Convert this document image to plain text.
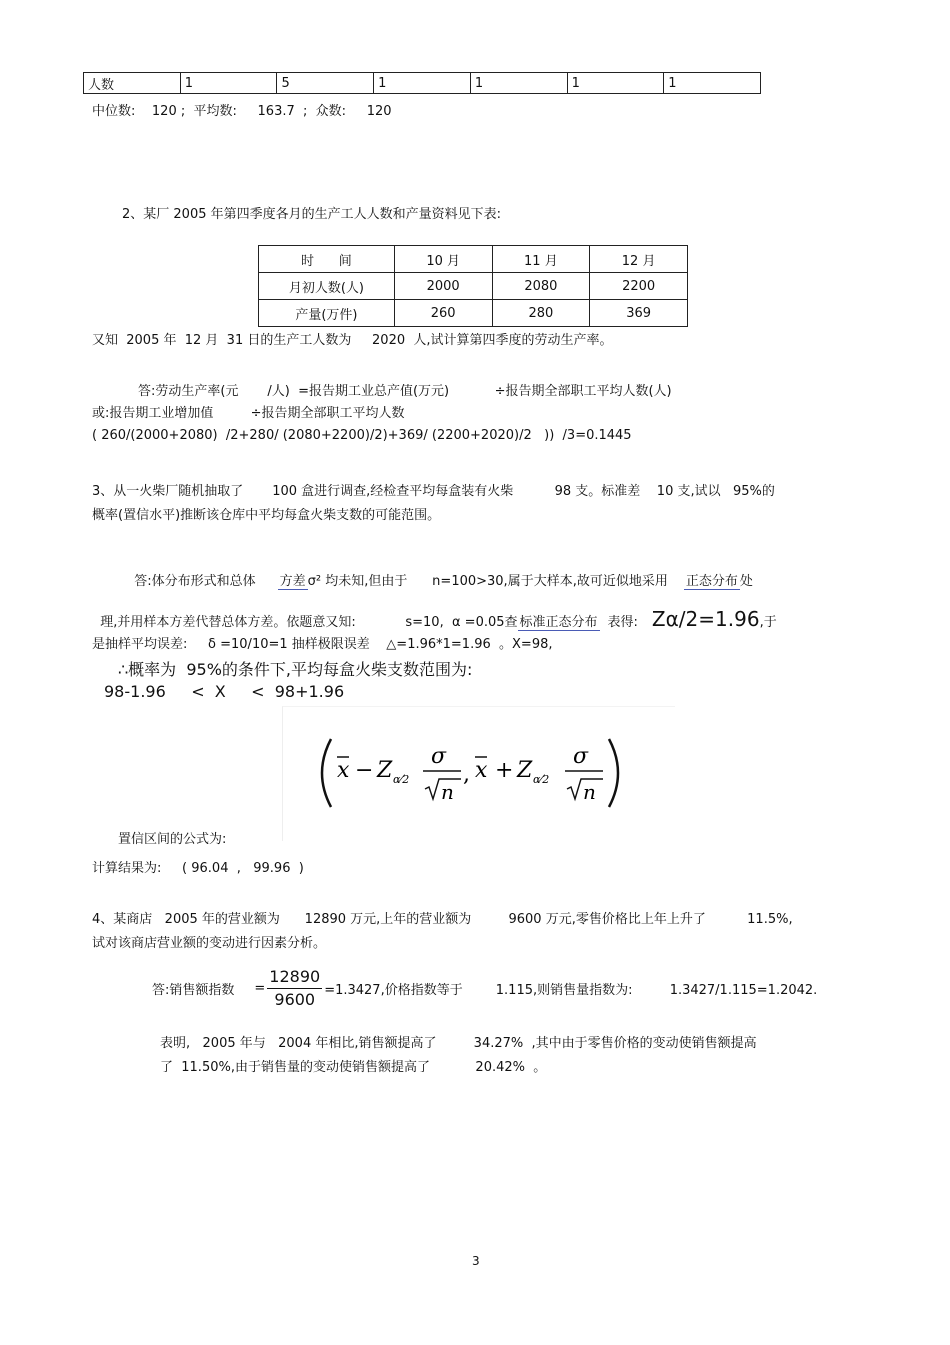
人数	1	5	1	1	1	1
中位数:    120 ;  平均数:     163.7  ;  众数:     120
2、某厂 2005 年第四季度各月的生产工人人数和产量资料见下表:
时      间	10 月	11 月	12 月
月初人数(人)	2000	2080	2200
产量(万件)	260	280	369
又知  2005 年  12 月  31 日的生产工人数为     2020  人,试计算第四季度的劳动生产率。
答:劳动生产率(元       /人)  =报告期工业总产值(万元)           ÷报告期全部职工平均人数(人)
或:报告期工业增加值         ÷报告期全部职工平均人数
( 260/(2000+2080)  /2+280/ (2080+2200)/2)+369/ (2200+2020)/2   ))  /3=0.1445
3、从一火柴厂随机抽取了       100 盒进行调查,经检查平均每盒装有火柴          98 支。标准差    10 支,试以   95%的
概率(置信水平)推断该仓库中平均每盒火柴支数的可能范围。

答:体分布形式和总体 方差 σ² 均未知,但由于      n=100>30,属于大样本,故可近似地采用 正态分布 处

理,并用样本方差代替总体方差。依题意又知:            s=10,  α =0.05查 标准正态分布 表得: Zα/2=1.96,于

是抽样平均误差:     δ =10/10=1 抽样极限误差    △=1.96*1=1.96  。X=98,
∴概率为  95%的条件下,平均每盒火柴支数范围为:
98-1.96     <  X     <  98+1.96
x − Z α⁄2
σ
n
, x + Z α⁄2
σ
n
置信区间的公式为:
计算结果为:     ( 96.04  ,   99.96  )
4、某商店   2005 年的营业额为      12890 万元,上年的营业额为         9600 万元,零售价格比上年上升了          11.5%,
试对该商店营业额的变动进行因素分析。
答:销售额指数 = $\frac{12890}{9600} =1.3427$,价格指数等于        1.115,则销售量指数为:         1.3427/1.115=1.2042.
表明,   2005 年与   2004 年相比,销售额提高了         34.27%  ,其中由于零售价格的变动使销售额提高
了  11.50%,由于销售量的变动使销售额提高了           20.42%  。
3
